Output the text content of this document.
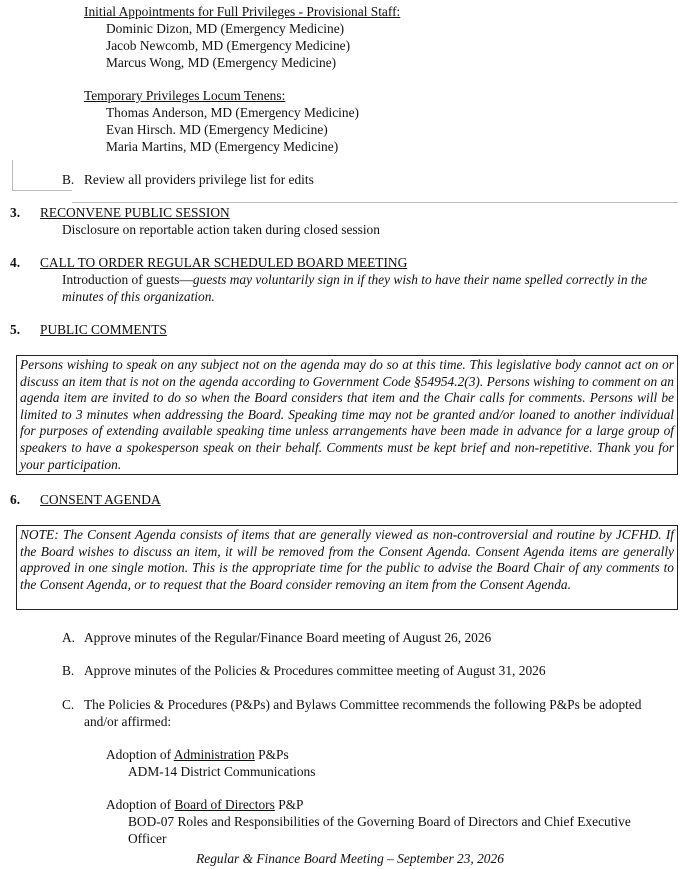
Initial Appointments for Full Privileges - Provisional Staff:
Dominic Dizon, MD (Emergency Medicine)
Jacob Newcomb, MD (Emergency Medicine)
Marcus Wong, MD (Emergency Medicine)
Temporary Privileges Locum Tenens:
Thomas Anderson, MD (Emergency Medicine)
Evan Hirsch. MD (Emergency Medicine)
Maria Martins, MD (Emergency Medicine)
B. Review all providers privilege list for edits
3. RECONVENE PUBLIC SESSION
Disclosure on reportable action taken during closed session
4. CALL TO ORDER REGULAR SCHEDULED BOARD MEETING
Introduction of guests—guests may voluntarily sign in if they wish to have their name spelled correctly in the
minutes of this organization.
5. PUBLIC COMMENTS
Persons wishing to speak on any subject not on the agenda may do so at this time. This legislative body cannot act on or discuss an item that is not on the agenda according to Government Code §54954.2(3). Persons wishing to comment on an agenda item are invited to do so when the Board considers that item and the Chair calls for comments. Persons will be limited to 3 minutes when addressing the Board. Speaking time may not be granted and/or loaned to another individual for purposes of extending available speaking time unless arrangements have been made in advance for a large group of speakers to have a spokesperson speak on their behalf. Comments must be kept brief and non-repetitive. Thank you for your participation.
6. CONSENT AGENDA
NOTE: The Consent Agenda consists of items that are generally viewed as non-controversial and routine by JCFHD. If the Board wishes to discuss an item, it will be removed from the Consent Agenda. Consent Agenda items are generally approved in one single motion. This is the appropriate time for the public to advise the Board Chair of any comments to the Consent Agenda, or to request that the Board consider removing an item from the Consent Agenda.
A. Approve minutes of the Regular/Finance Board meeting of August 26, 2026
B. Approve minutes of the Policies & Procedures committee meeting of August 31, 2026
C. The Policies & Procedures (P&Ps) and Bylaws Committee recommends the following P&Ps be adopted
and/or affirmed:
Adoption of Administration P&Ps
ADM-14 District Communications
Adoption of Board of Directors P&P
BOD-07 Roles and Responsibilities of the Governing Board of Directors and Chief Executive
Officer
Regular & Finance Board Meeting – September 23, 2026
